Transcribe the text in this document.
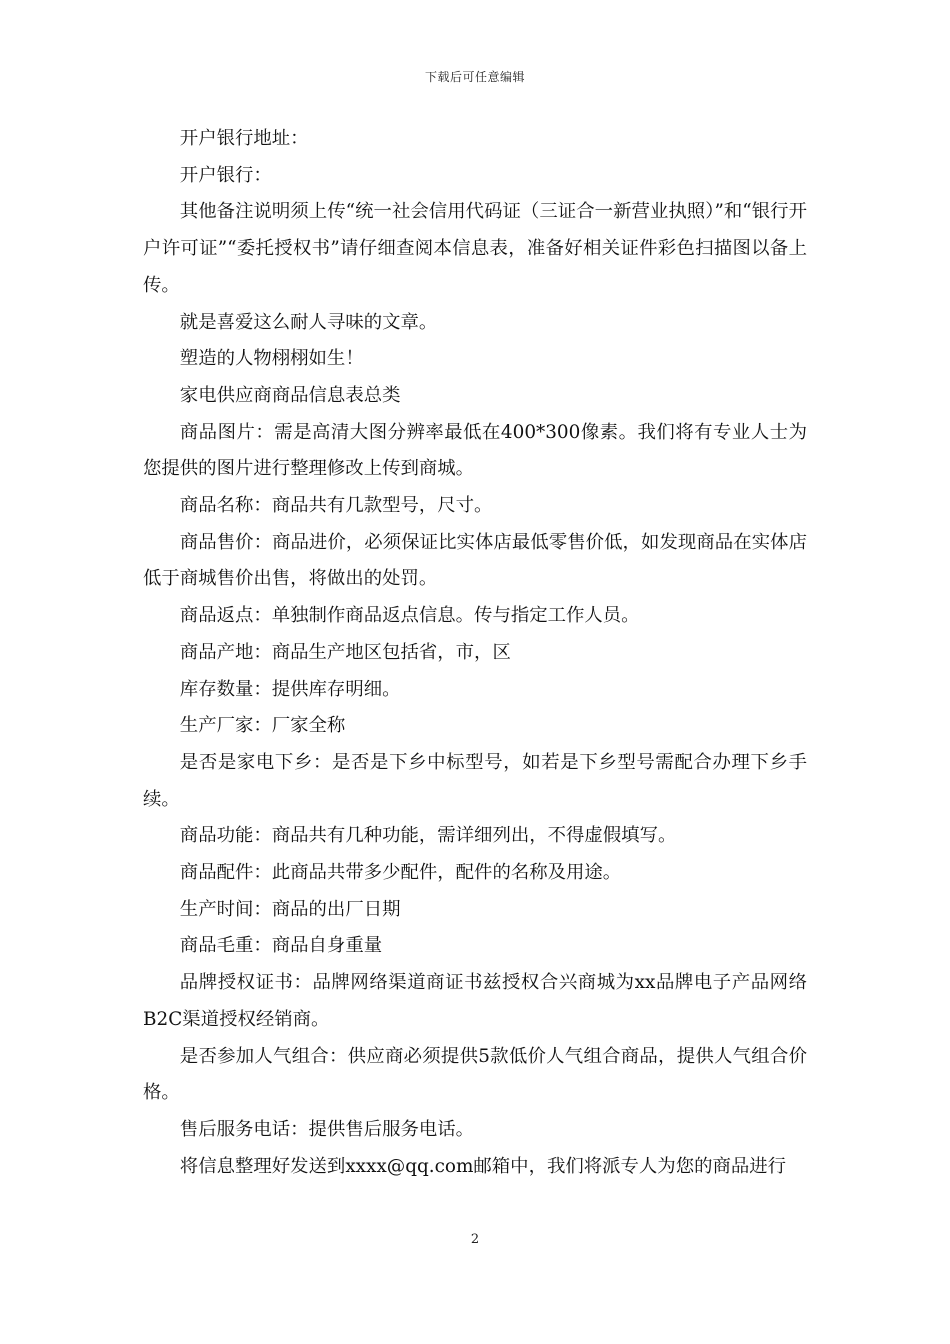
下载后可任意编辑

开户银行地址：

开户银行：

其他备注说明须上传“统一社会信用代码证（三证合一新营业执照）”和“银行开户许可证”“委托授权书”请仔细查阅本信息表，准备好相关证件彩色扫描图以备上传。

就是喜爱这么耐人寻味的文章。

塑造的人物栩栩如生！

家电供应商商品信息表总类

商品图片：需是高清大图分辨率最低在400*300像素。我们将有专业人士为您提供的图片进行整理修改上传到商城。

商品名称：商品共有几款型号，尺寸。

商品售价：商品进价，必须保证比实体店最低零售价低，如发现商品在实体店低于商城售价出售，将做出的处罚。

商品返点：单独制作商品返点信息。传与指定工作人员。

商品产地：商品生产地区包括省，市，区

库存数量：提供库存明细。

生产厂家：厂家全称

是否是家电下乡：是否是下乡中标型号，如若是下乡型号需配合办理下乡手续。

商品功能：商品共有几种功能，需详细列出，不得虚假填写。

商品配件：此商品共带多少配件，配件的名称及用途。

生产时间：商品的出厂日期

商品毛重：商品自身重量

品牌授权证书：品牌网络渠道商证书兹授权合兴商城为xx品牌电子产品网络B2C渠道授权经销商。

是否参加人气组合：供应商必须提供5款低价人气组合商品，提供人气组合价格。

售后服务电话：提供售后服务电话。

将信息整理好发送到xxxx@qq.com邮箱中，我们将派专人为您的商品进行

2
